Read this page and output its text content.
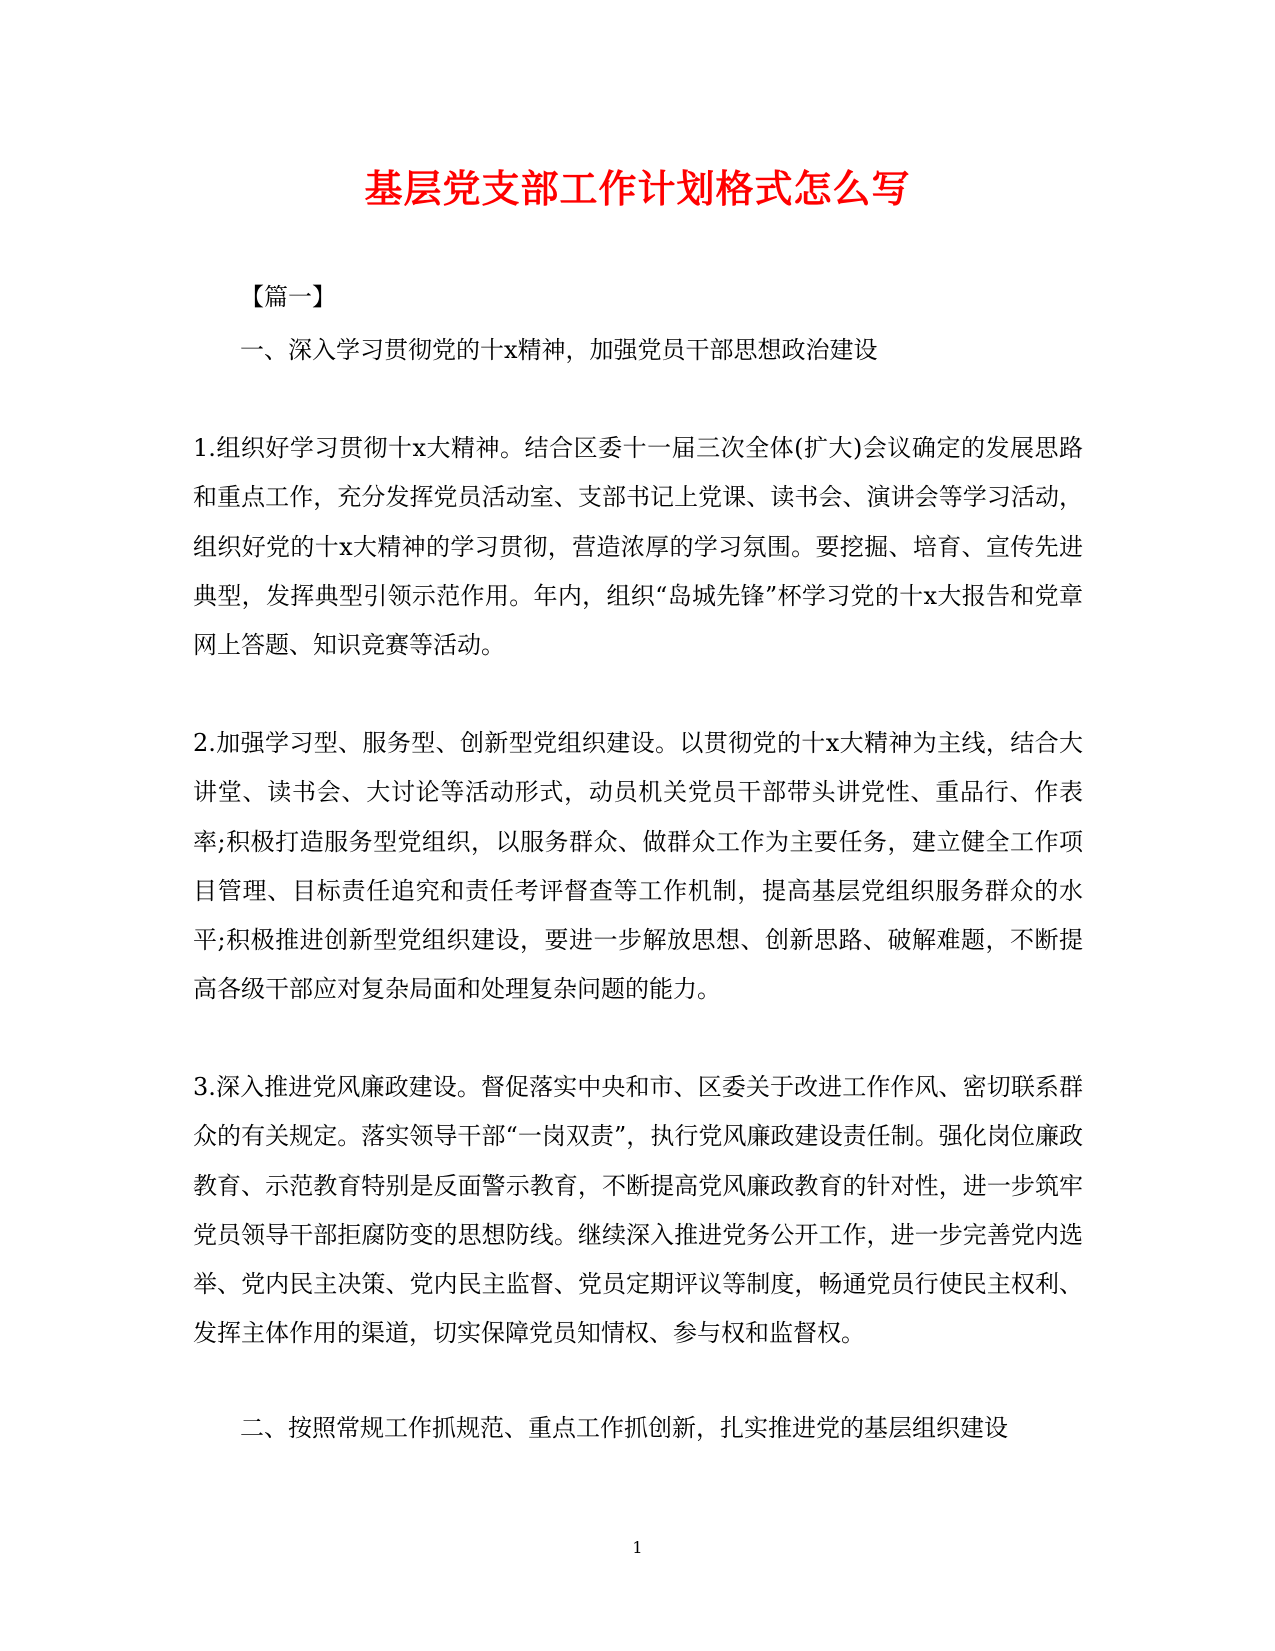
基层党支部工作计划格式怎么写
【篇一】
一、深入学习贯彻党的十x精神，加强党员干部思想政治建设

1.组织好学习贯彻十x大精神。结合区委十一届三次全体(扩大)会议确定的发展思路和重点工作，充分发挥党员活动室、支部书记上党课、读书会、演讲会等学习活动，组织好党的十x大精神的学习贯彻，营造浓厚的学习氛围。要挖掘、培育、宣传先进典型，发挥典型引领示范作用。年内，组织“岛城先锋”杯学习党的十x大报告和党章网上答题、知识竞赛等活动。

2.加强学习型、服务型、创新型党组织建设。以贯彻党的十x大精神为主线，结合大讲堂、读书会、大讨论等活动形式，动员机关党员干部带头讲党性、重品行、作表率;积极打造服务型党组织，以服务群众、做群众工作为主要任务，建立健全工作项目管理、目标责任追究和责任考评督查等工作机制，提高基层党组织服务群众的水平;积极推进创新型党组织建设，要进一步解放思想、创新思路、破解难题，不断提高各级干部应对复杂局面和处理复杂问题的能力。

3.深入推进党风廉政建设。督促落实中央和市、区委关于改进工作作风、密切联系群众的有关规定。落实领导干部“一岗双责”，执行党风廉政建设责任制。强化岗位廉政教育、示范教育特别是反面警示教育，不断提高党风廉政教育的针对性，进一步筑牢党员领导干部拒腐防变的思想防线。继续深入推进党务公开工作，进一步完善党内选举、党内民主决策、党内民主监督、党员定期评议等制度，畅通党员行使民主权利、发挥主体作用的渠道，切实保障党员知情权、参与权和监督权。

二、按照常规工作抓规范、重点工作抓创新，扎实推进党的基层组织建设
1
